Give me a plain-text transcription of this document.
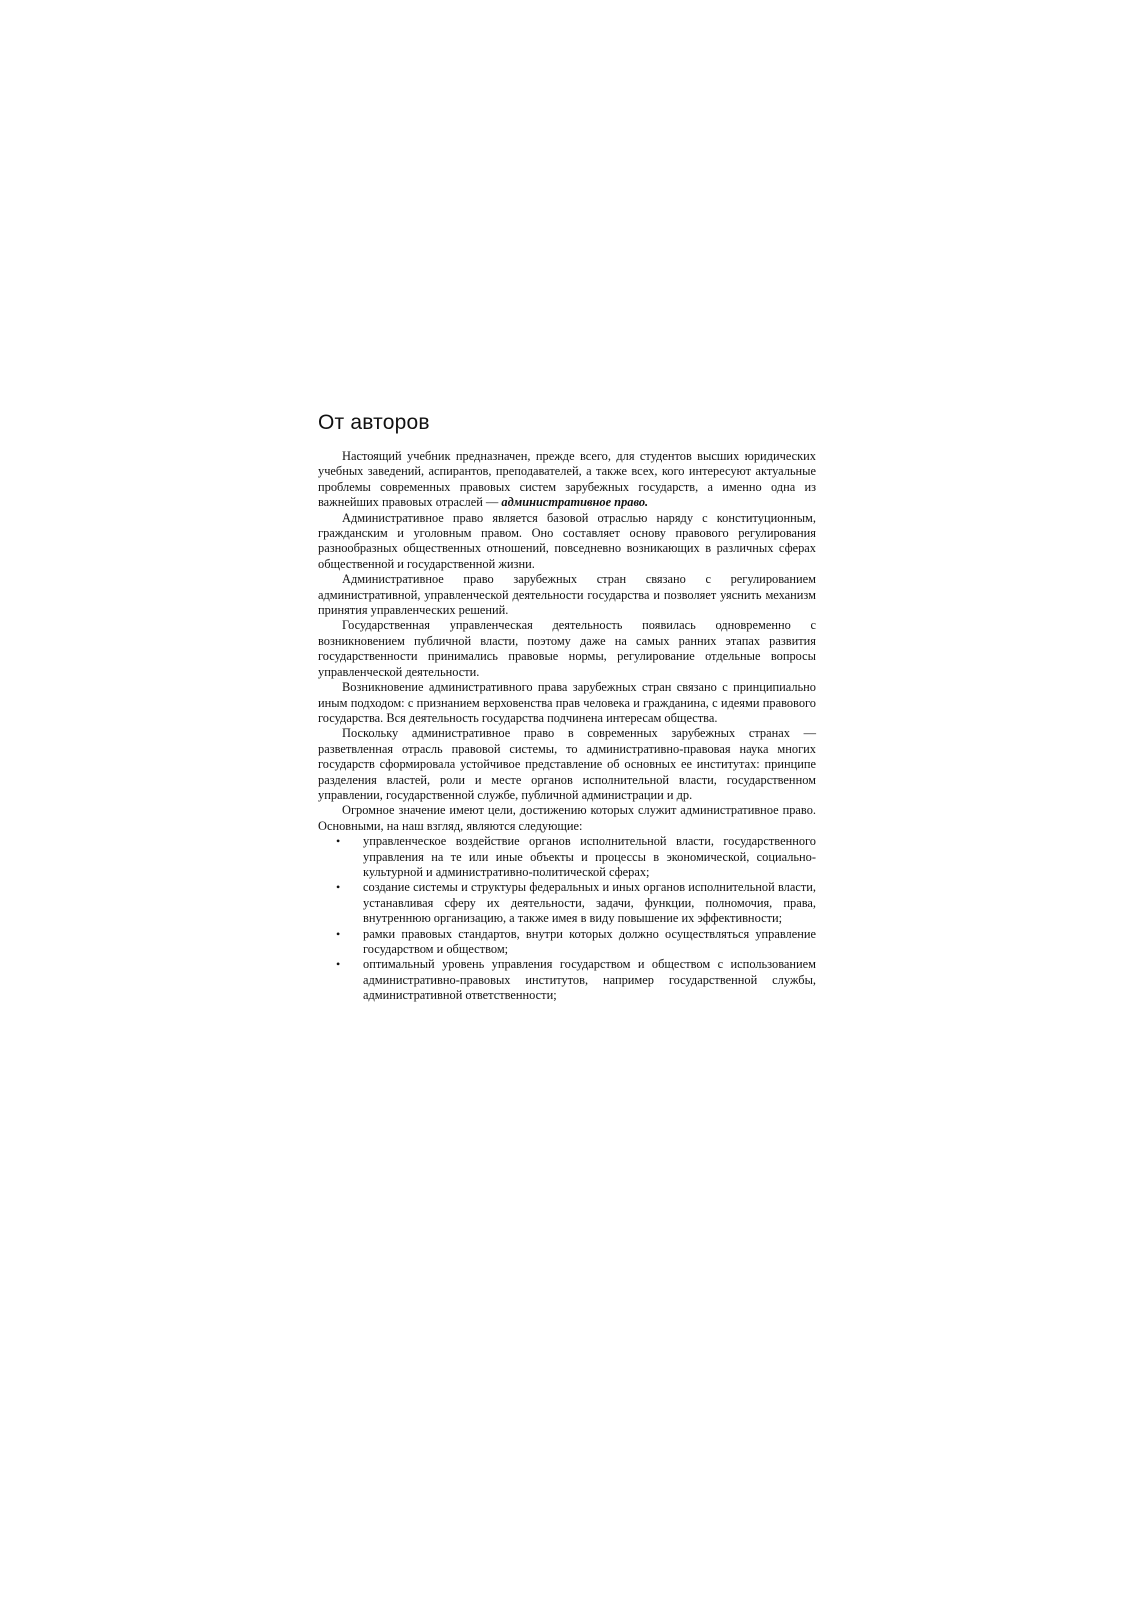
От авторов

Настоящий учебник предназначен, прежде всего, для студентов высших юридических учебных заведений, аспирантов, преподавателей, а также всех, кого интересуют актуальные проблемы современных правовых систем зарубежных государств, а именно одна из важнейших правовых отраслей — административное право.

Административное право является базовой отраслью наряду с конституционным, гражданским и уголовным правом. Оно составляет основу правового регулирования разнообразных общественных отношений, повседневно возникающих в различных сферах общественной и государственной жизни.

Административное право зарубежных стран связано с регулированием административной, управленческой деятельности государства и позволяет уяснить механизм принятия управленческих решений.

Государственная управленческая деятельность появилась одновременно с возникновением публичной власти, поэтому даже на самых ранних этапах развития государственности принимались правовые нормы, регулирование отдельные вопросы управленческой деятельности.

Возникновение административного права зарубежных стран связано с принципиально иным подходом: с признанием верховенства прав человека и гражданина, с идеями правового государства. Вся деятельность государства подчинена интересам общества.

Поскольку административное право в современных зарубежных странах — разветвленная отрасль правовой системы, то административно-правовая наука многих государств сформировала устойчивое представление об основных ее институтах: принципе разделения властей, роли и месте органов исполнительной власти, государственном управлении, государственной службе, публичной администрации и др.

Огромное значение имеют цели, достижению которых служит административное право. Основными, на наш взгляд, являются следующие:

• управленческое воздействие органов исполнительной власти, государственного управления на те или иные объекты и процессы в экономической, социально-культурной и административно-политической сферах;
• создание системы и структуры федеральных и иных органов исполнительной власти, устанавливая сферу их деятельности, задачи, функции, полномочия, права, внутреннюю организацию, а также имея в виду повышение их эффективности;
• рамки правовых стандартов, внутри которых должно осуществляться управление государством и обществом;
• оптимальный уровень управления государством и обществом с использованием административно-правовых институтов, например государственной службы, административной ответственности;
